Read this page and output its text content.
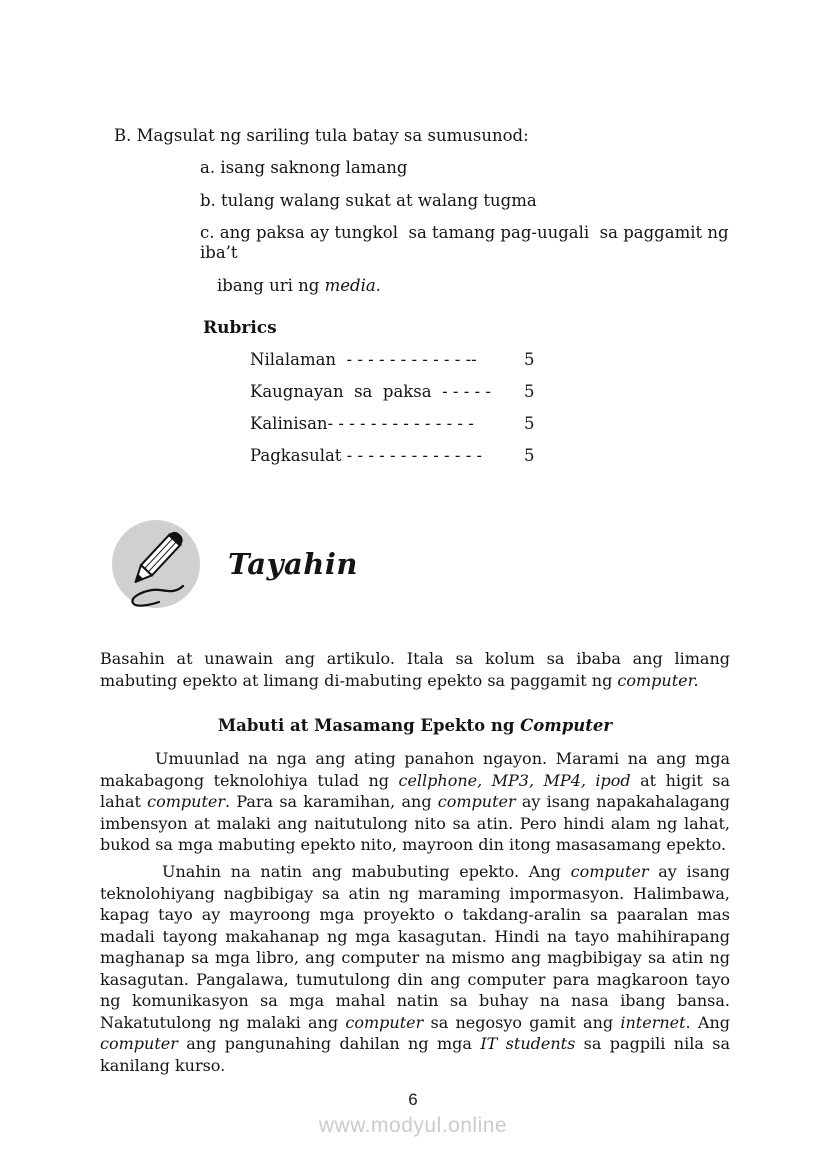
B. Magsulat ng sariling tula batay sa sumusunod:
a. isang saknong lamang
b. tulang walang sukat at walang tugma
c. ang paksa ay tungkol  sa tamang pag-uugali  sa paggamit ng iba’t
ibang uri ng media.
Rubrics
Nilalaman  - - - - - - - - - - - --	5
Kaugnayan  sa  paksa  - - - - -	5
Kalinisan- - - - - - - - - - - - - -	5
Pagkasulat - - - - - - - - - - - - -	5
Tayahin

Basahin at unawain ang artikulo. Itala sa kolum sa ibaba ang limang mabuting epekto at limang di-mabuting epekto sa paggamit ng computer.

Mabuti at Masamang Epekto ng Computer

Umuunlad na nga ang ating panahon ngayon. Marami na ang mga makabagong teknolohiya tulad ng cellphone, MP3, MP4, ipod at higit sa lahat computer. Para sa karamihan, ang computer ay isang napakahalagang imbensyon at malaki ang naitutulong nito sa atin. Pero hindi alam ng lahat, bukod sa mga mabuting epekto nito, mayroon din itong masasamang epekto.

Unahin na natin ang mabubuting epekto. Ang computer ay isang teknolohiyang nagbibigay sa atin ng maraming impormasyon. Halimbawa, kapag tayo ay mayroong mga proyekto o takdang-aralin sa paaralan mas madali tayong makahanap ng mga kasagutan. Hindi na tayo mahihirapang maghanap sa mga libro, ang computer na mismo ang magbibigay sa atin ng kasagutan. Pangalawa, tumutulong din ang computer para magkaroon tayo ng komunikasyon sa mga mahal natin sa buhay na nasa ibang bansa. Nakatutulong ng malaki ang computer sa negosyo gamit ang internet. Ang computer ang pangunahing dahilan ng mga IT students sa pagpili nila sa kanilang kurso.

6
www.modyul.online
